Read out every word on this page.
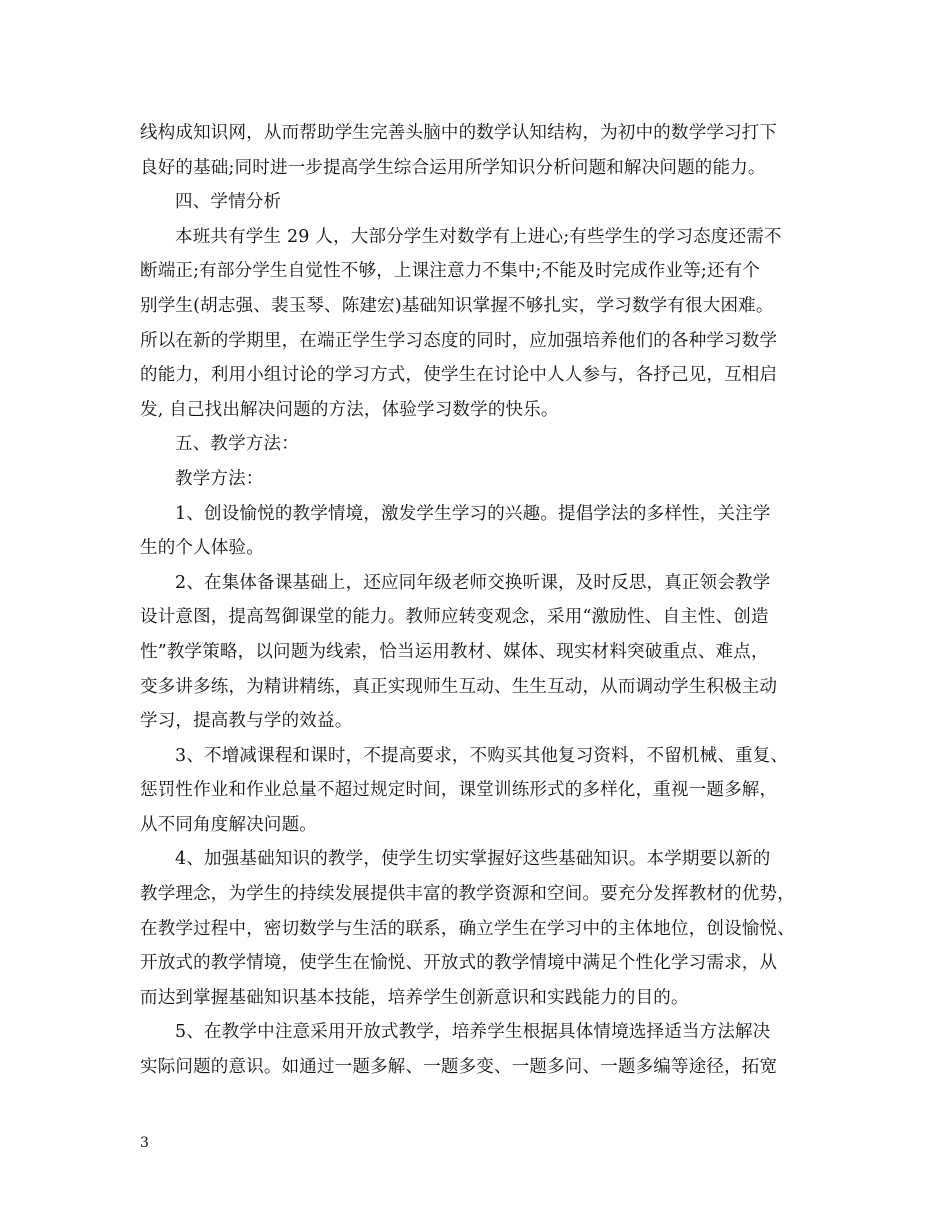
线构成知识网，从而帮助学生完善头脑中的数学认知结构，为初中的数学学习打下
良好的基础;同时进一步提高学生综合运用所学知识分析问题和解决问题的能力。
四、学情分析
本班共有学生 29 人，大部分学生对数学有上进心;有些学生的学习态度还需不
断端正;有部分学生自觉性不够，上课注意力不集中;不能及时完成作业等;还有个
别学生(胡志强、裴玉琴、陈建宏)基础知识掌握不够扎实，学习数学有很大困难。
所以在新的学期里，在端正学生学习态度的同时，应加强培养他们的各种学习数学
的能力，利用小组讨论的学习方式，使学生在讨论中人人参与，各抒己见，互相启
发, 自己找出解决问题的方法，体验学习数学的快乐。
五、教学方法：
教学方法：
1、创设愉悦的教学情境，激发学生学习的兴趣。提倡学法的多样性，关注学
生的个人体验。
2、在集体备课基础上，还应同年级老师交换听课，及时反思，真正领会教学
设计意图，提高驾御课堂的能力。教师应转变观念，采用“激励性、自主性、创造
性”教学策略，以问题为线索，恰当运用教材、媒体、现实材料突破重点、难点，
变多讲多练，为精讲精练，真正实现师生互动、生生互动，从而调动学生积极主动
学习，提高教与学的效益。
3、不增减课程和课时，不提高要求，不购买其他复习资料，不留机械、重复、
惩罚性作业和作业总量不超过规定时间，课堂训练形式的多样化，重视一题多解，
从不同角度解决问题。
4、加强基础知识的教学，使学生切实掌握好这些基础知识。本学期要以新的
教学理念，为学生的持续发展提供丰富的教学资源和空间。要充分发挥教材的优势，
在教学过程中，密切数学与生活的联系，确立学生在学习中的主体地位，创设愉悦、
开放式的教学情境，使学生在愉悦、开放式的教学情境中满足个性化学习需求，从
而达到掌握基础知识基本技能，培养学生创新意识和实践能力的目的。
5、在教学中注意采用开放式教学，培养学生根据具体情境选择适当方法解决
实际问题的意识。如通过一题多解、一题多变、一题多问、一题多编等途径，拓宽
3
